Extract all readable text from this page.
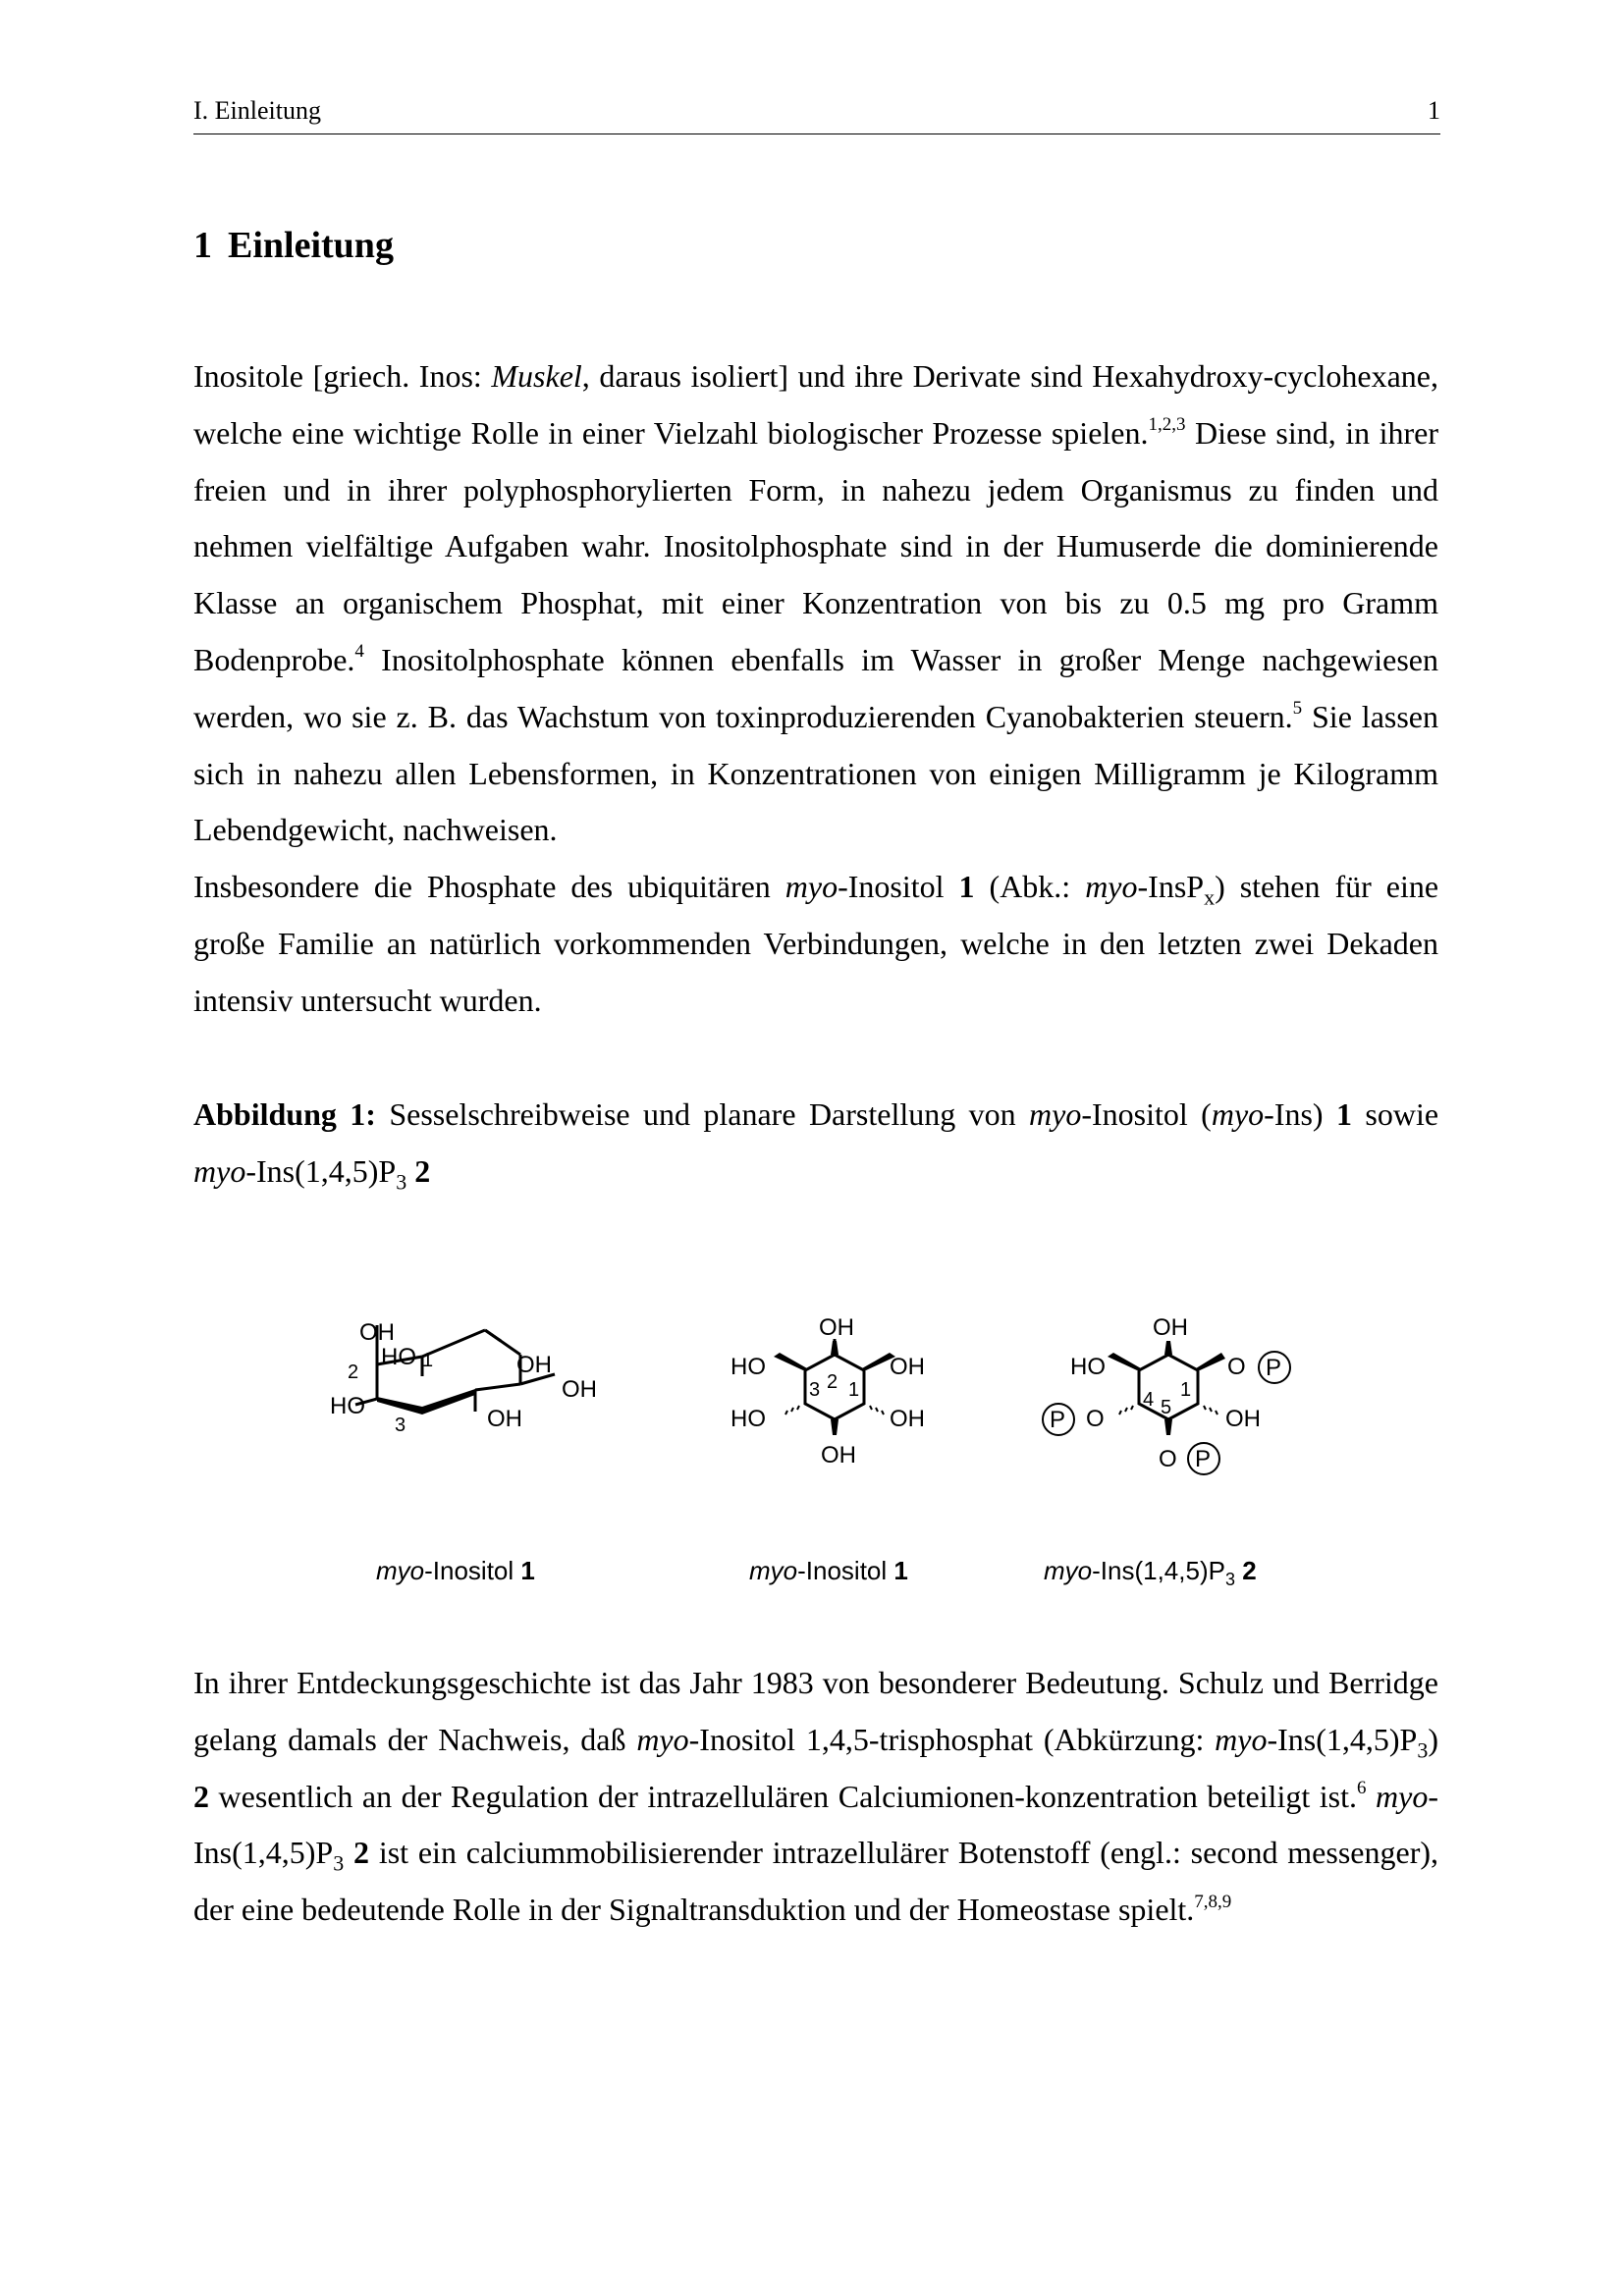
I. Einleitung	1
1 Einleitung

Inositole [griech. Inos: Muskel, daraus isoliert] und ihre Derivate sind Hexahydroxy-cyclohexane, welche eine wichtige Rolle in einer Vielzahl biologischer Prozesse spielen.$^{1,2,3}$ Diese sind, in ihrer freien und in ihrer polyphosphorylierten Form, in nahezu jedem Organismus zu finden und nehmen vielfältige Aufgaben wahr. Inositolphosphate sind in der Humuserde die dominierende Klasse an organischem Phosphat, mit einer Konzentration von bis zu 0.5 mg pro Gramm Bodenprobe.$^4$ Inositolphosphate können ebenfalls im Wasser in großer Menge nachgewiesen werden, wo sie z. B. das Wachstum von toxinproduzierenden Cyanobakterien steuern.$^5$ Sie lassen sich in nahezu allen Lebensformen, in Konzentrationen von einigen Milligramm je Kilogramm Lebendgewicht, nachweisen.

Insbesondere die Phosphate des ubiquitären myo-Inositol 1 (Abk.: myo-InsP$_x$) stehen für eine große Familie an natürlich vorkommenden Verbindungen, welche in den letzten zwei Dekaden intensiv untersucht wurden.

Abbildung 1: Sesselschreibweise und planare Darstellung von myo-Inositol (myo-Ins) 1 sowie myo-$Ins(1,4,5)P_3$ 2

OH
HO 1
2	OH
OH
HO
3	OH
OH
HO	OH
3 2 1
HO	OH
OH
OH
HO	O P
1
4 5
P O	OH
O P
myo-Inositol 1	myo-Inositol 1	myo-$Ins(1,4,5)P_3$ 2

In ihrer Entdeckungsgeschichte ist das Jahr 1983 von besonderer Bedeutung. Schulz und Berridge gelang damals der Nachweis, daß myo-Inositol 1,4,5-trisphosphat (Abkürzung: myo-$Ins(1,4,5)P_3$) 2 wesentlich an der Regulation der intrazellulären Calciumionen-konzentration beteiligt ist.$^6$ myo-$Ins(1,4,5)P_3$ 2 ist ein calciummobilisierender intrazellulärer Botenstoff (engl.: second messenger), der eine bedeutende Rolle in der Signaltransduktion und der Homeostase spielt.$^{7,8,9}$
